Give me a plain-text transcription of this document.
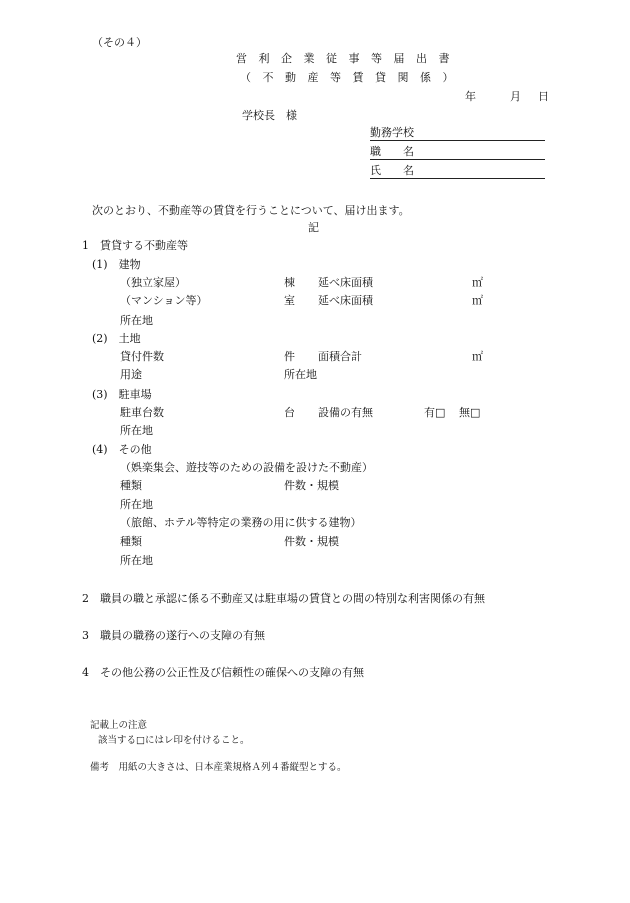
（その４）
営 利 企 業 従 事 等 届 出 書
（ 不 動 産 等 賃 貸 関 係 ）
年	月 日
学校長　様
勤務学校
職　　名
氏　　名
次のとおり、不動産等の賃貸を行うことについて、届け出ます。
記
1　賃貸する不動産等
(1)　建物
（独立家屋）	棟 延べ床面積	㎡
（マンション等）	室 延べ床面積	㎡
所在地
(2)　土地
貸付件数	件 面積合計	㎡
用途	所在地
(3)　駐車場
駐車台数	台 設備の有無	有□ 無□
所在地
(4)　その他
（娯楽集会、遊技等のための設備を設けた不動産）
種類	件数・規模
所在地
（旅館、ホテル等特定の業務の用に供する建物）
種類	件数・規模
所在地
2　職員の職と承認に係る不動産又は駐車場の賃貸との間の特別な利害関係の有無
3　職員の職務の遂行への支障の有無
4　その他公務の公正性及び信頼性の確保への支障の有無
記載上の注意
該当する□にはレ印を付けること。
備考　用紙の大きさは、日本産業規格Ａ列４番縦型とする。
